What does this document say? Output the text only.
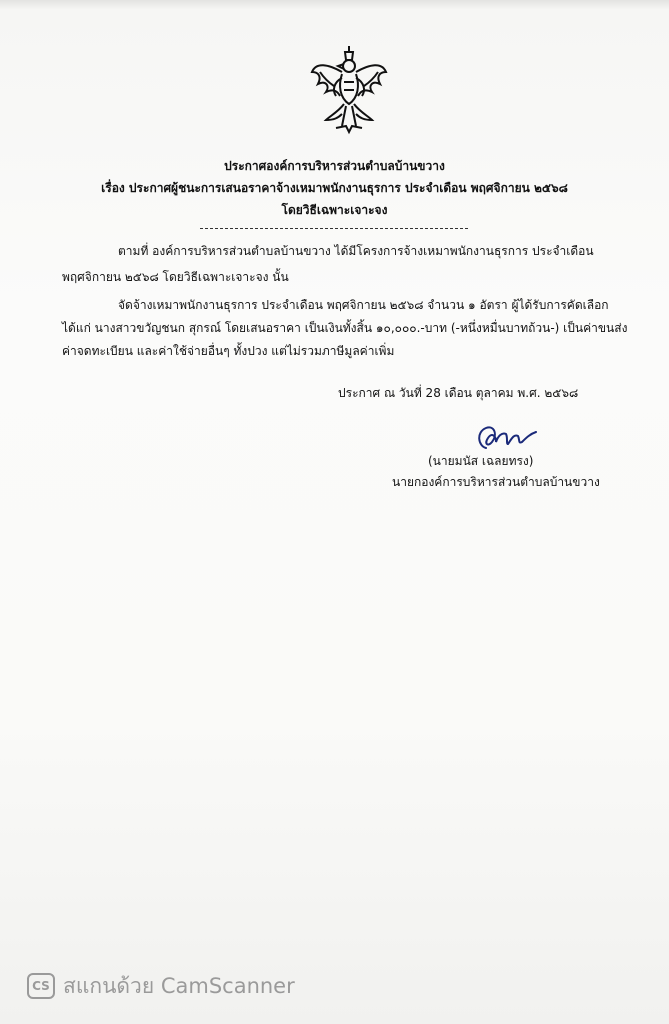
ประกาศองค์การบริหารส่วนตำบลบ้านขวาง
เรื่อง ประกาศผู้ชนะการเสนอราคาจ้างเหมาพนักงานธุรการ ประจำเดือน พฤศจิกายน ๒๕๖๘
โดยวิธีเฉพาะเจาะจง
ตามที่ องค์การบริหารส่วนตำบลบ้านขวาง ได้มีโครงการจ้างเหมาพนักงานธุรการ ประจำเดือน
พฤศจิกายน ๒๕๖๘ โดยวิธีเฉพาะเจาะจง นั้น
จัดจ้างเหมาพนักงานธุรการ ประจำเดือน พฤศจิกายน ๒๕๖๘ จำนวน ๑ อัตรา ผู้ได้รับการคัดเลือก
ได้แก่ นางสาวขวัญชนก สุกรณ์ โดยเสนอราคา เป็นเงินทั้งสิ้น ๑๐,๐๐๐.-บาท (-หนึ่งหมื่นบาทถ้วน-) เป็นค่าขนส่ง
ค่าจดทะเบียน และค่าใช้จ่ายอื่นๆ ทั้งปวง แต่ไม่รวมภาษีมูลค่าเพิ่ม
ประกาศ ณ วันที่ 28 เดือน ตุลาคม พ.ศ. ๒๕๖๘
(นายมนัส เฉลยทรง)
นายกองค์การบริหารส่วนตำบลบ้านขวาง
CS สแกนด้วย CamScanner
